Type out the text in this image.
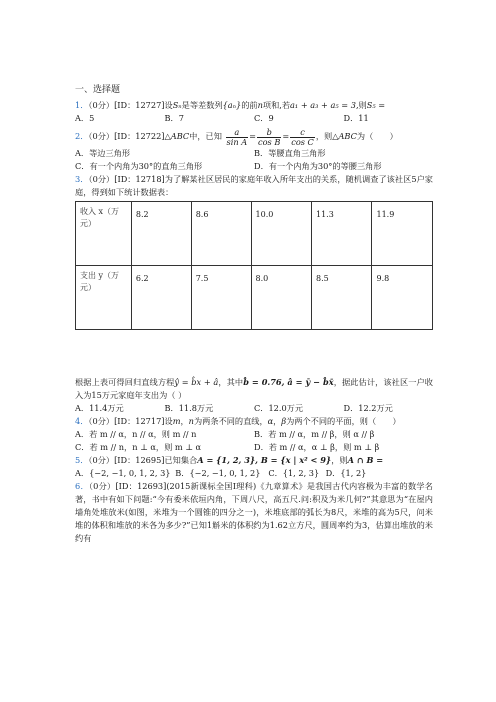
一、选择题
1．（0分）[ID：12727]设Sₙ是等差数列{aₙ}的前n项和,若a₁ + a₃ + a₅ = 3,则S₅ =
A．5	B．7	C．9	D．11
2．（0分）[ID：12722]△ABC中，已知 $\frac{a}{\text{sin A}} = \frac{b}{\text{cos B}} = \frac{c}{\text{cos C}}$ ，则△ABC为（　　）
A．等边三角形	B．等腰直角三角形
C．有一个内角为30°的直角三角形	D．有一个内角为30°的等腰三角形
3．（0分）[ID：12718]为了解某社区居民的家庭年收入所年支出的关系，随机调查了该社区5户家庭，得到如下统计数据表：
收入 x（万元）	8.2	8.6	10.0	11.3	11.9
支出 y（万元）	6.2	7.5	8.0	8.5	9.8
根据上表可得回归直线方程ŷ = b̂x + â，其中b̂ = 0.76, â = ȳ − b̂x̄，据此估计，该社区一户收入为15万元家庭年支出为（ ）
A．11.4万元	B．11.8万元	C．12.0万元	D．12.2万元
4．（0分）[ID：12717]设m，n为两条不同的直线，α，β为两个不同的平面，则（　　）
A．若 m // α，n // α，则 m // n	B．若 m // α，m // β，则 α // β
C．若 m // n，n ⊥ α，则 m ⊥ α	D．若 m // α，α ⊥ β，则 m ⊥ β
5．（0分）[ID：12695]已知集合A = {1, 2, 3}, B = {x | x² < 9}，则A ∩ B =
A．{−2, −1, 0, 1, 2, 3} B．{−2, −1, 0, 1, 2} C．{1, 2, 3} D．{1, 2}
6．（0分）[ID：12693](2015新课标全国Ⅰ理科)《九章算术》是我国古代内容极为丰富的数学名著，书中有如下问题:“今有委米依垣内角，下周八尺，高五尺.问:积及为米几何?”其意思为“在屋内墙角处堆放米(如图，米堆为一个圆锥的四分之一)，米堆底部的弧长为8尺，米堆的高为5尺，问米堆的体积和堆放的米各为多少?”已知1斛米的体积约为1.62立方尺，圆周率约为3，估算出堆放的米约有
